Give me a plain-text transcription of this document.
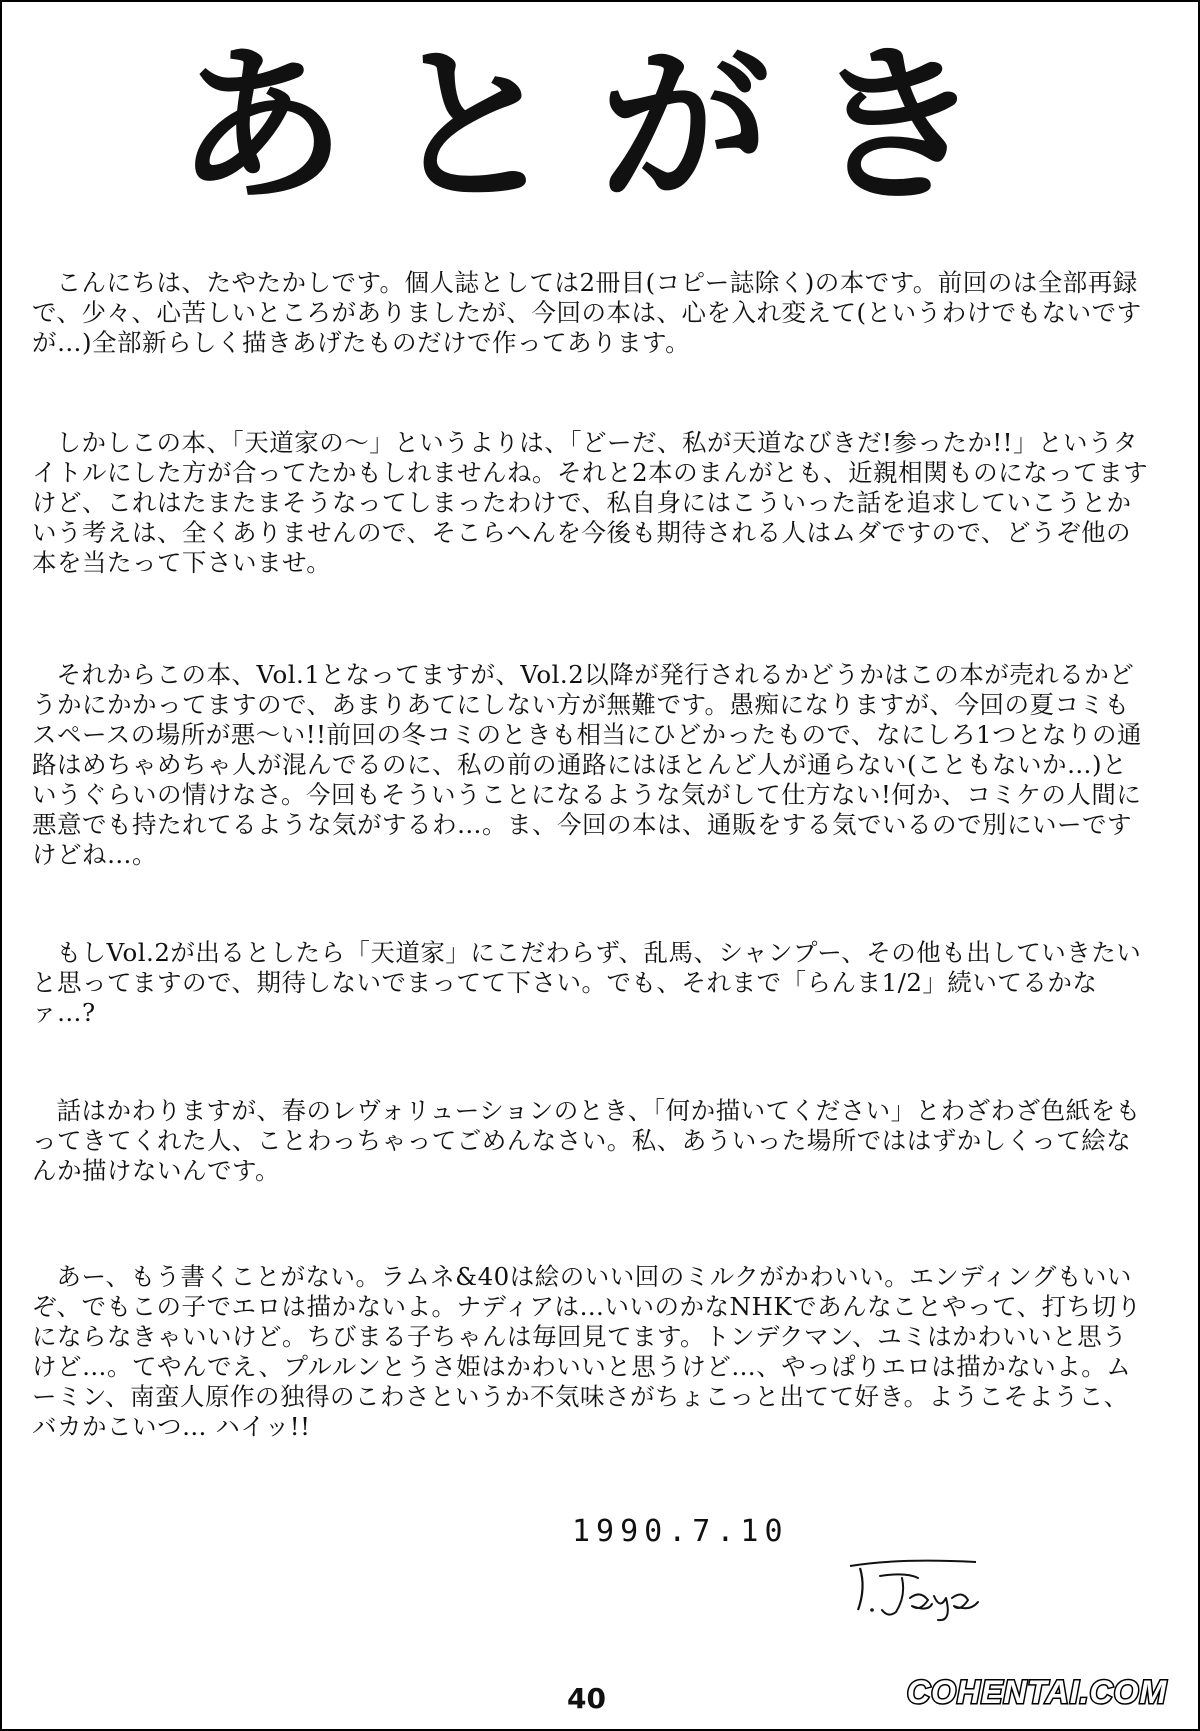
あとがき

こんにちは、たやたかしです。個人誌としては2冊目(コピー誌除く)の本です。前回のは全部再録で、少々、心苦しいところがありましたが、今回の本は、心を入れ変えて(というわけでもないですが…)全部新らしく描きあげたものだけで作ってあります。

しかしこの本、「天道家の〜」というよりは、「どーだ、私が天道なびきだ!参ったか!!」というタイトルにした方が合ってたかもしれませんね。それと2本のまんがとも、近親相関ものになってますけど、これはたまたまそうなってしまったわけで、私自身にはこういった話を追求していこうとかいう考えは、全くありませんので、そこらへんを今後も期待される人はムダですので、どうぞ他の本を当たって下さいませ。

それからこの本、Vol.1となってますが、Vol.2以降が発行されるかどうかはこの本が売れるかどうかにかかってますので、あまりあてにしない方が無難です。愚痴になりますが、今回の夏コミもスペースの場所が悪〜い!!前回の冬コミのときも相当にひどかったもので、なにしろ1つとなりの通路はめちゃめちゃ人が混んでるのに、私の前の通路にはほとんど人が通らない(こともないか…)というぐらいの情けなさ。今回もそういうことになるような気がして仕方ない!何か、コミケの人間に悪意でも持たれてるような気がするわ…。ま、今回の本は、通販をする気でいるので別にいーですけどね…。

もしVol.2が出るとしたら「天道家」にこだわらず、乱馬、シャンプー、その他も出していきたいと思ってますので、期待しないでまってて下さい。でも、それまで「らんま1/2」続いてるかなァ…?

話はかわりますが、春のレヴォリューションのとき、「何か描いてください」とわざわざ色紙をもってきてくれた人、ことわっちゃってごめんなさい。私、あういった場所でははずかしくって絵なんか描けないんです。

あー、もう書くことがない。ラムネ&40は絵のいい回のミルクがかわいい。エンディングもいいぞ、でもこの子でエロは描かないよ。ナディアは…いいのかなNHKであんなことやって、打ち切りにならなきゃいいけど。ちびまる子ちゃんは毎回見てます。トンデクマン、ユミはかわいいと思うけど…。てやんでえ、プルルンとうさ姫はかわいいと思うけど…、やっぱりエロは描かないよ。ムーミン、南蛮人原作の独得のこわさというか不気味さがちょこっと出てて好き。ようこそようこ、バカかこいつ… ハイッ!!

1990.7.10
40	COHENTAI.COM
